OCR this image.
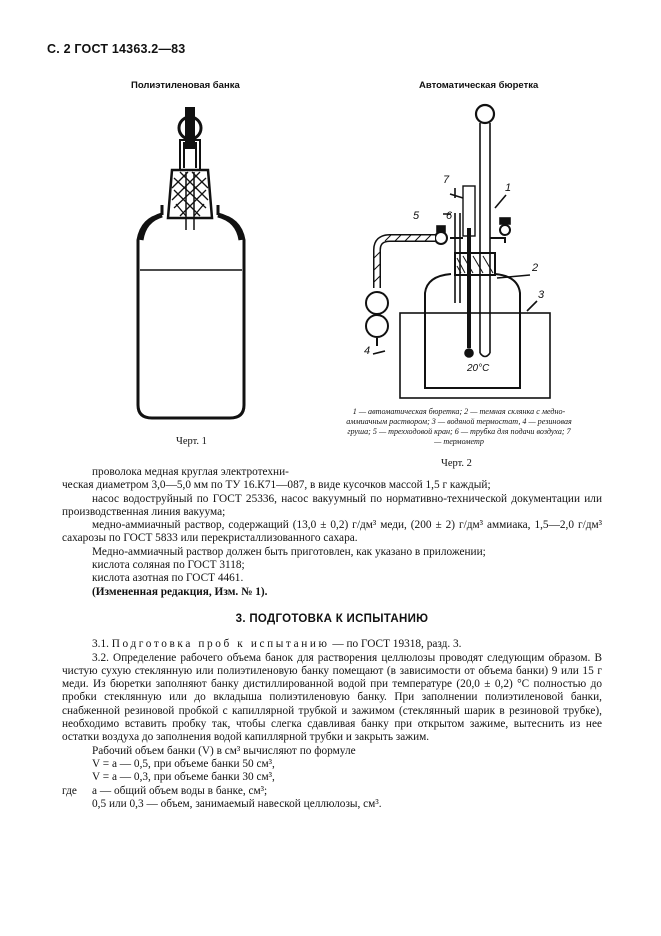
С. 2 ГОСТ 14363.2—83
Полиэтиленовая банка
Черт. 1
Автоматическая бюретка
1
2
3
4
5 6
7
20°C
1 — автоматическая бюретка; 2 — темная склянка с медно-аммиачным раствором; 3 — водяной термостат, 4 — резиновая груша; 5 — трехходовой кран; 6 — трубка для подачи воздуха; 7 — термометр
Черт. 2
проволока медная круглая электротехни-
ческая диаметром 3,0—5,0 мм по ТУ 16.К71—087, в виде кусочков массой 1,5 г каждый;
насос водоструйный по ГОСТ 25336, насос вакуумный по нормативно-технической документации или производственная линия вакуума;
медно-аммиачный раствор, содержащий (13,0 ± 0,2) г/дм³ меди, (200 ± 2) г/дм³ аммиака, 1,5—2,0 г/дм³ сахарозы по ГОСТ 5833 или перекристаллизованного сахара.
Медно-аммиачный раствор должен быть приготовлен, как указано в приложении;
кислота соляная по ГОСТ 3118;
кислота азотная по ГОСТ 4461.
(Измененная редакция, Изм. № 1).
3. ПОДГОТОВКА К ИСПЫТАНИЮ
3.1. Подготовка проб к испытанию — по ГОСТ 19318, разд. 3.
3.2. Определение рабочего объема банок для растворения целлюлозы проводят следующим образом. В чистую сухую стеклянную или полиэтиленовую банку помещают (в зависимости от объема банки) 9 или 15 г меди. Из бюретки заполняют банку дистиллированной водой при температуре (20,0 ± 0,2) °С полностью до пробки стеклянную или до вкладыша полиэтиленовую банку. При заполнении полиэтиленовой банки, снабженной резиновой пробкой с капиллярной трубкой и зажимом (стеклянный шарик в резиновой трубке), необходимо вставить пробку так, чтобы слегка сдавливая банку при открытом зажиме, вытеснить из нее остатки воздуха до заполнения водой капиллярной трубки и закрыть зажим.
Рабочий объем банки (V) в см³ вычисляют по формуле
V = a — 0,5, при объеме банки 50 см³,
V = a — 0,3, при объеме банки 30 см³,
где a — общий объем воды в банке, см³;
0,5 или 0,3 — объем, занимаемый навеской целлюлозы, см³.
